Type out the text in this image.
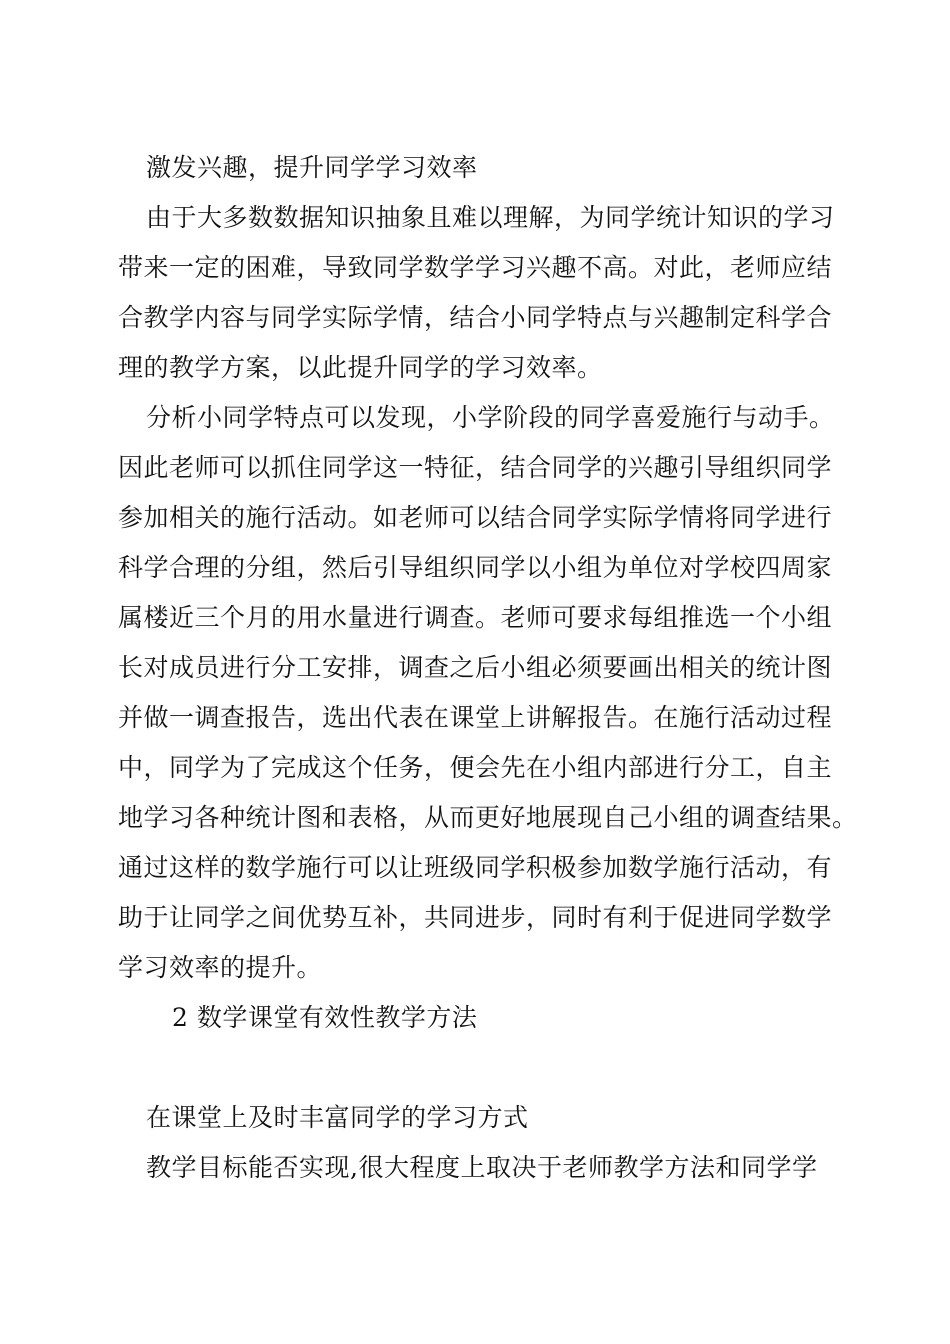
激发兴趣，提升同学学习效率
由于大多数数据知识抽象且难以理解，为同学统计知识的学习
带来一定的困难，导致同学数学学习兴趣不高。对此，老师应结
合教学内容与同学实际学情，结合小同学特点与兴趣制定科学合
理的教学方案，以此提升同学的学习效率。
分析小同学特点可以发现，小学阶段的同学喜爱施行与动手。
因此老师可以抓住同学这一特征，结合同学的兴趣引导组织同学
参加相关的施行活动。如老师可以结合同学实际学情将同学进行
科学合理的分组，然后引导组织同学以小组为单位对学校四周家
属楼近三个月的用水量进行调查。老师可要求每组推选一个小组
长对成员进行分工安排，调查之后小组必须要画出相关的统计图
并做一调查报告，选出代表在课堂上讲解报告。在施行活动过程
中，同学为了完成这个任务，便会先在小组内部进行分工，自主
地学习各种统计图和表格，从而更好地展现自己小组的调查结果。
通过这样的数学施行可以让班级同学积极参加数学施行活动，有
助于让同学之间优势互补，共同进步，同时有利于促进同学数学
学习效率的提升。
2 数学课堂有效性教学方法
在课堂上及时丰富同学的学习方式
教学目标能否实现,很大程度上取决于老师教学方法和同学学
